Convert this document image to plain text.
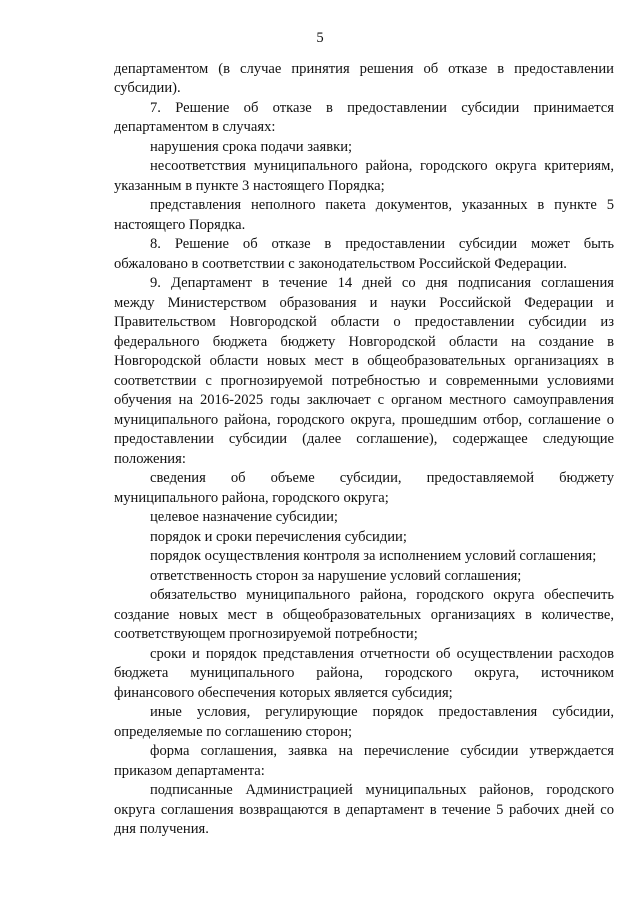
5
департаментом (в случае принятия решения об отказе в предоставлении
субсидии).
7. Решение об отказе в предоставлении субсидии принимается
департаментом в случаях:
нарушения срока подачи заявки;
несоответствия муниципального района, городского округа критериям,
указанным в пункте 3 настоящего Порядка;
представления неполного пакета документов, указанных в пункте 5
настоящего Порядка.
8. Решение об отказе в предоставлении субсидии может быть
обжаловано в соответствии с законодательством Российской Федерации.
9. Департамент в течение 14 дней со дня подписания соглашения
между Министерством образования и науки Российской Федерации и
Правительством Новгородской области о предоставлении субсидии из
федерального бюджета бюджету Новгородской области на создание в
Новгородской области новых мест в общеобразовательных организациях в
соответствии с прогнозируемой потребностью и современными условиями
обучения на 2016-2025 годы заключает с органом местного самоуправления
муниципального района, городского округа, прошедшим отбор, соглашение о
предоставлении субсидии (далее соглашение), содержащее следующие
положения:
сведения об объеме субсидии, предоставляемой бюджету
муниципального района, городского округа;
целевое назначение субсидии;
порядок и сроки перечисления субсидии;
порядок осуществления контроля за исполнением условий соглашения;
ответственность сторон за нарушение условий соглашения;
обязательство муниципального района, городского округа обеспечить
создание новых мест в общеобразовательных организациях в количестве,
соответствующем прогнозируемой потребности;
сроки и порядок представления отчетности об осуществлении расходов
бюджета муниципального района, городского округа, источником
финансового обеспечения которых является субсидия;
иные условия, регулирующие порядок предоставления субсидии,
определяемые по соглашению сторон;
форма соглашения, заявка на перечисление субсидии утверждается
приказом департамента:
подписанные Администрацией муниципальных районов, городского
округа соглашения возвращаются в департамент в течение 5 рабочих дней со
дня получения.
